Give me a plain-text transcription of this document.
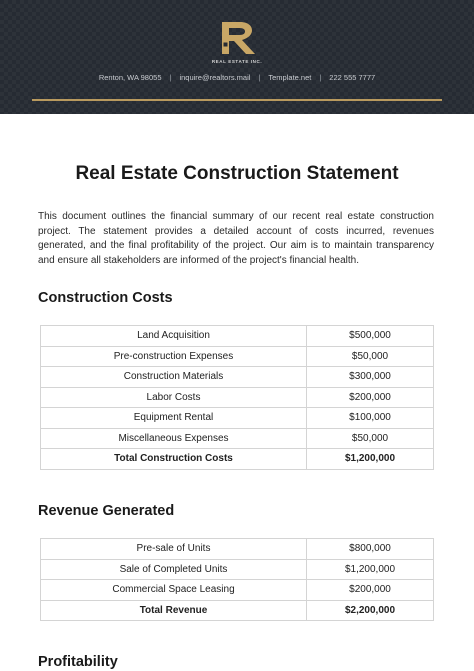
REAL ESTATE INC.
Renton, WA 98055 | inquire@realtors.mail | Template.net | 222 555 7777
Real Estate Construction Statement

This document outlines the financial summary of our recent real estate construction project. The statement provides a detailed account of costs incurred, revenues generated, and the final profitability of the project. Our aim is to maintain transparency and ensure all stakeholders are informed of the project's financial health.

Construction Costs
Land Acquisition	$500,000
Pre-construction Expenses	$50,000
Construction Materials	$300,000
Labor Costs	$200,000
Equipment Rental	$100,000
Miscellaneous Expenses	$50,000
Total Construction Costs	$1,200,000
Revenue Generated
Pre-sale of Units	$800,000
Sale of Completed Units	$1,200,000
Commercial Space Leasing	$200,000
Total Revenue	$2,200,000
Profitability
